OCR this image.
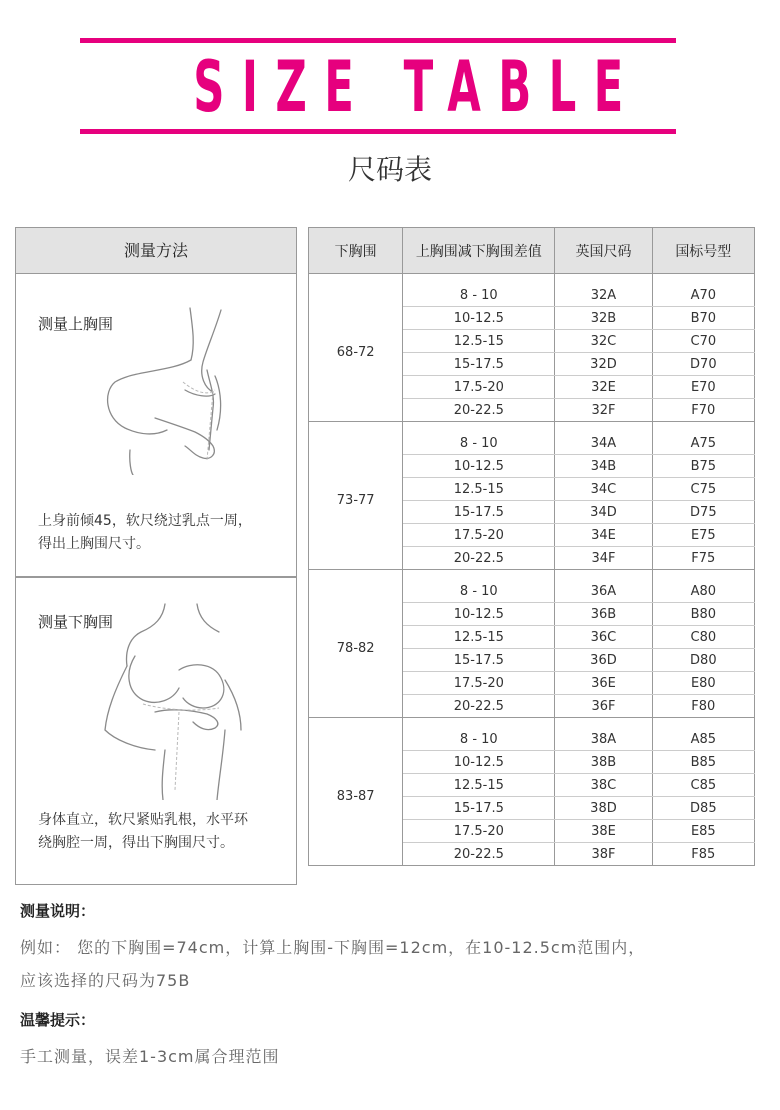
SIZE TABLE
尺码表
测量方法
测量上胸围
上身前倾45，软尺绕过乳点一周，
得出上胸围尺寸。
测量下胸围
身体直立，软尺紧贴乳根，水平环
绕胸腔一周，得出下胸围尺寸。
下胸围	上胸围减下胸围差值	英国尺码	国标号型
68-72	8 - 10	32A	A70
	10-12.5	32B	B70
	12.5-15	32C	C70
	15-17.5	32D	D70
	17.5-20	32E	E70
	20-22.5	32F	F70
73-77	8 - 10	34A	A75
	10-12.5	34B	B75
	12.5-15	34C	C75
	15-17.5	34D	D75
	17.5-20	34E	E75
	20-22.5	34F	F75
78-82	8 - 10	36A	A80
	10-12.5	36B	B80
	12.5-15	36C	C80
	15-17.5	36D	D80
	17.5-20	36E	E80
	20-22.5	36F	F80
83-87	8 - 10	38A	A85
	10-12.5	38B	B85
	12.5-15	38C	C85
	15-17.5	38D	D85
	17.5-20	38E	E85
	20-22.5	38F	F85
测量说明：
例如： 您的下胸围=74cm，计算上胸围-下胸围=12cm，在10-12.5cm范围内，
应该选择的尺码为75B
温馨提示：
手工测量，误差1-3cm属合理范围
